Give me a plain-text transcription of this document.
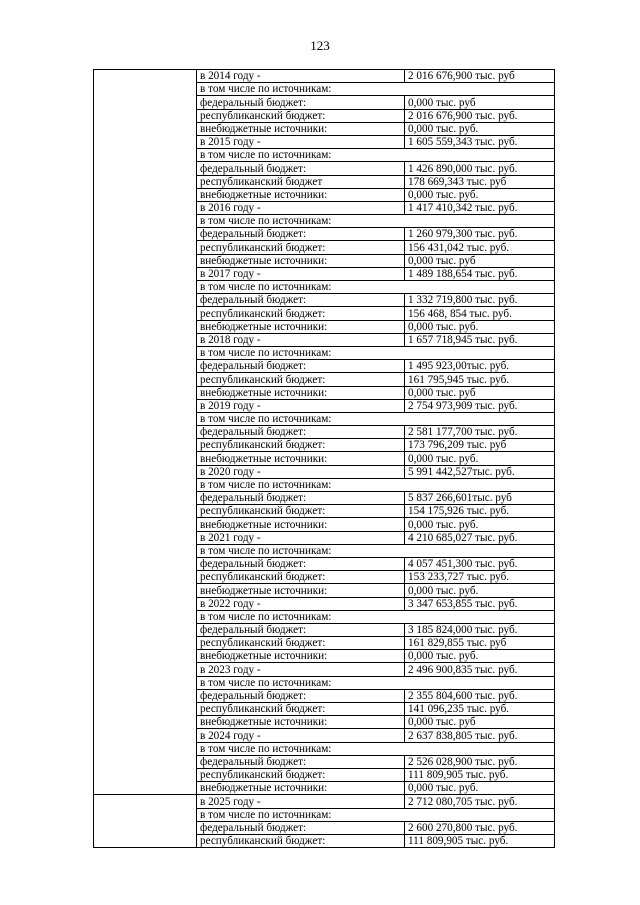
123
	в 2014 году -	2 016 676,900 тыс. руб
	в том числе по источникам:	
	федеральный бюджет:	0,000 тыс. руб
	республиканский бюджет:	2 016 676,900 тыс. руб.
	внебюджетные источники:	0,000 тыс. руб.
	в 2015 году -	1 605 559,343 тыс. руб.
	в том числе по источникам:	
	федеральный бюджет:	1 426 890,000 тыс. руб.
	республиканский бюджет	178 669,343 тыс. руб
	внебюджетные источники:	0,000 тыс. руб.
	в 2016 году -	1 417 410,342 тыс. руб.
	в том числе по источникам:	
	федеральный бюджет:	1 260 979,300 тыс. руб.
	республиканский бюджет:	156 431,042 тыс. руб.
	внебюджетные источники:	0,000 тыс. руб
	в 2017 году -	1 489 188,654 тыс. руб.
	в том числе по источникам:	
	федеральный бюджет:	1 332 719,800 тыс. руб.
	республиканский бюджет:	156 468, 854 тыс. руб.
	внебюджетные источники:	0,000 тыс. руб.
	в 2018 году -	1 657 718,945 тыс. руб.
	в том числе по источникам:	
	федеральный бюджет:	1 495 923,00тыс. руб.
	республиканский бюджет:	161 795,945 тыс. руб.
	внебюджетные источники:	0,000 тыс. руб
	в 2019 году -	2 754 973,909 тыс. руб.
	в том числе по источникам:	
	федеральный бюджет:	2 581 177,700 тыс. руб.
	республиканский бюджет:	173 796,209 тыс. руб
	внебюджетные источники:	0,000 тыс. руб.
	в 2020 году -	5 991 442,527тыс. руб.
	в том числе по источникам:	
	федеральный бюджет:	5 837 266,601тыс. руб
	республиканский бюджет:	154 175,926 тыс. руб.
	внебюджетные источники:	0,000 тыс. руб.
	в 2021 году -	4 210 685,027 тыс. руб.
	в том числе по источникам:	
	федеральный бюджет:	4 057 451,300 тыс. руб.
	республиканский бюджет:	153 233,727 тыс. руб.
	внебюджетные источники:	0,000 тыс. руб.
	в 2022 году -	3 347 653,855 тыс. руб.
	в том числе по источникам:	
	федеральный бюджет:	3 185 824,000 тыс. руб.
	республиканский бюджет:	161 829,855 тыс. руб
	внебюджетные источники:	0,000 тыс. руб.
	в 2023 году -	2 496 900,835 тыс. руб.
	в том числе по источникам:	
	федеральный бюджет:	2 355 804,600 тыс. руб.
	республиканский бюджет:	141 096,235 тыс. руб.
	внебюджетные источники:	0,000 тыс. руб
	в 2024 году -	2 637 838,805 тыс. руб.
	в том числе по источникам:	
	федеральный бюджет:	2 526 028,900 тыс. руб.
	республиканский бюджет:	111 809,905 тыс. руб.
	внебюджетные источники:	0,000 тыс. руб.
	в 2025 году -	2 712 080,705 тыс. руб.
	в том числе по источникам:	
	федеральный бюджет:	2 600 270,800 тыс. руб.
	республиканский бюджет:	111 809,905 тыс. руб.
